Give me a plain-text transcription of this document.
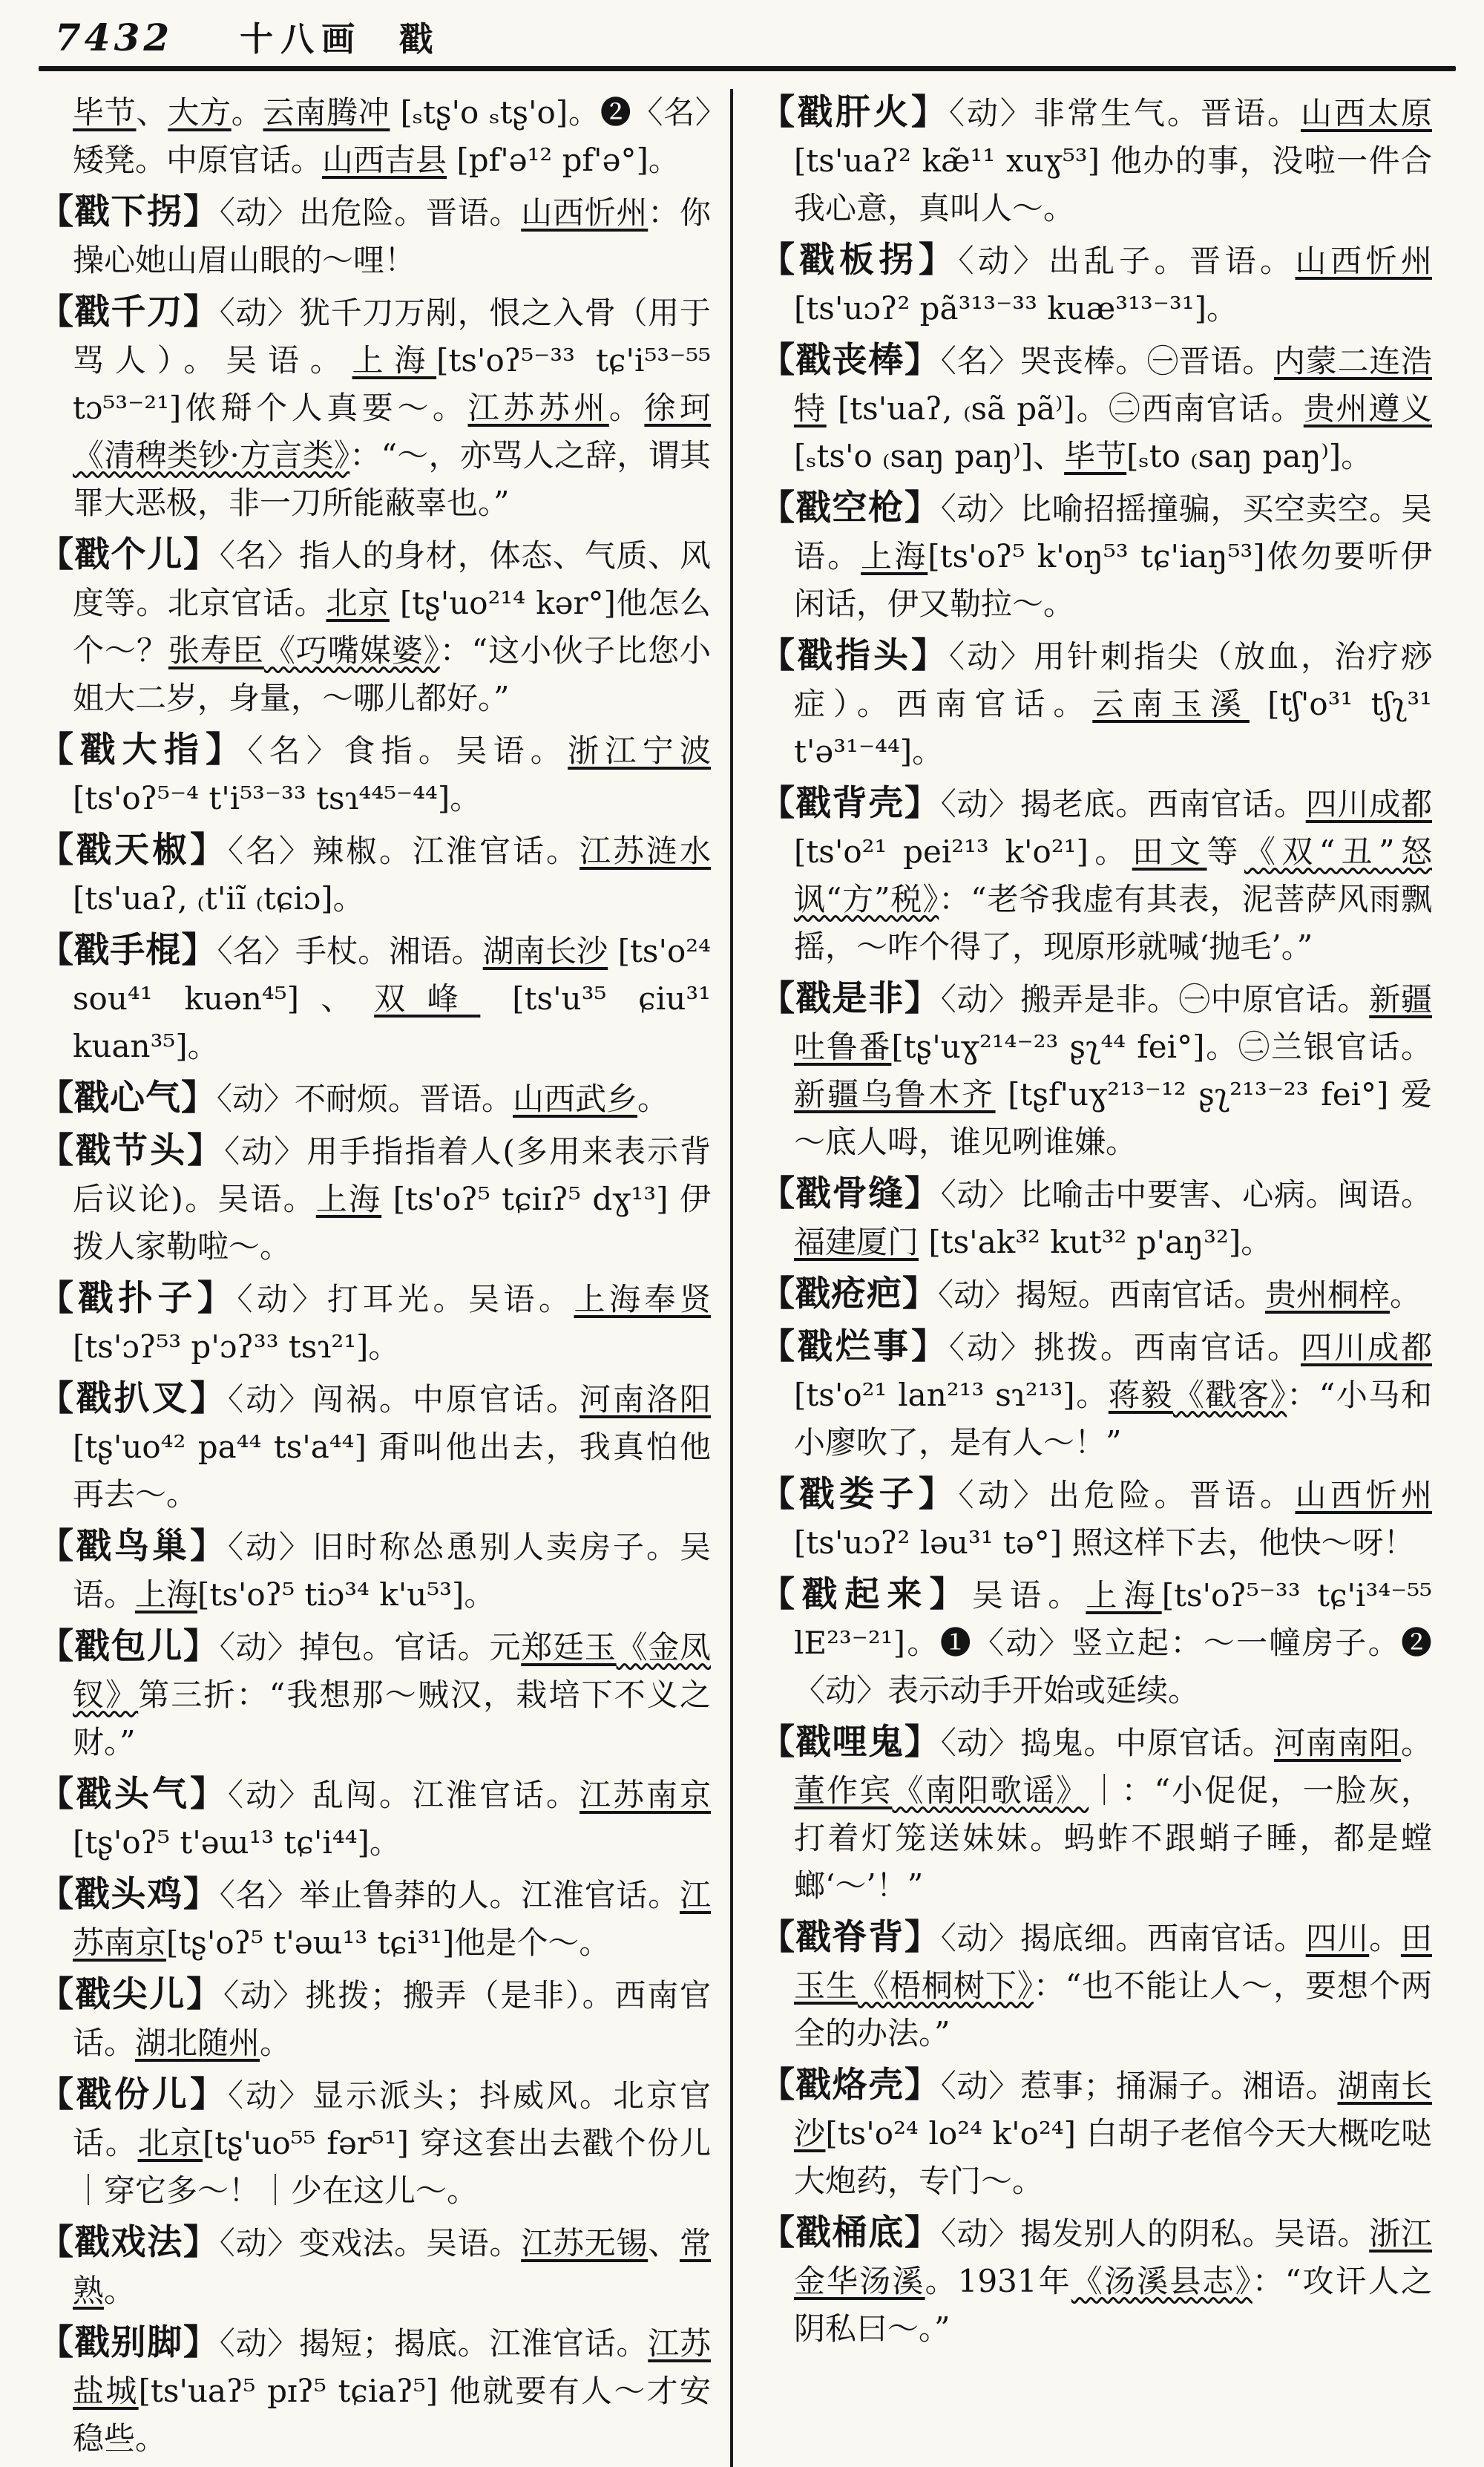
7432 十八画 戳
毕节、大方。云南腾冲 [ₛtʂ'o ₛtʂ'o]。❷〈名〉矮凳。中原官话。山西吉县 [pf'ə¹² pf'ə°]。
【戳下拐】〈动〉出危险。晋语。山西忻州：你操心她山眉山眼的～哩！
【戳千刀】〈动〉犹千刀万剐，恨之入骨（用于骂人）。吴语。上海[ts'oʔ⁵⁻³³ tɕ'i⁵³⁻⁵⁵ tɔ⁵³⁻²¹]侬搿个人真要～。江苏苏州。徐珂《清稗类钞·方言类》：“～，亦骂人之辞，谓其罪大恶极，非一刀所能蔽辜也。”
【戳个儿】〈名〉指人的身材，体态、气质、风度等。北京官话。北京 [tʂ'uo²¹⁴ kər°]他怎么个～？张寿臣《巧嘴媒婆》：“这小伙子比您小姐大二岁，身量，～哪儿都好。”
【戳大指】〈名〉食指。吴语。浙江宁波[ts'oʔ⁵⁻⁴ t'i⁵³⁻³³ tsɿ⁴⁴⁵⁻⁴⁴]。
【戳天椒】〈名〉辣椒。江淮官话。江苏涟水 [ts'uaʔ‚ ₍t'iĩ ₍tɕiɔ]。
【戳手棍】〈名〉手杖。湘语。湖南长沙 [ts'o²⁴ sou⁴¹ kuən⁴⁵]、双峰 [ts'u³⁵ ɕiu³¹ kuan³⁵]。
【戳心气】〈动〉不耐烦。晋语。山西武乡。
【戳节头】〈动〉用手指指着人(多用来表示背后议论)。吴语。上海 [ts'oʔ⁵ tɕiɪʔ⁵ dɣ¹³] 伊拨人家勒啦～。
【戳扑子】〈动〉打耳光。吴语。上海奉贤 [ts'ɔʔ⁵³ p'ɔʔ³³ tsɿ²¹]。
【戳扒叉】〈动〉闯祸。中原官话。河南洛阳 [tʂ'uo⁴² pa⁴⁴ ts'a⁴⁴] 甭叫他出去，我真怕他再去～。
【戳鸟巢】〈动〉旧时称怂恿别人卖房子。吴语。上海[ts'oʔ⁵ tiɔ³⁴ k'u⁵³]。
【戳包儿】〈动〉掉包。官话。元郑廷玉《金凤钗》第三折：“我想那～贼汉，栽培下不义之财。”
【戳头气】〈动〉乱闯。江淮官话。江苏南京 [tʂ'oʔ⁵ t'əɯ¹³ tɕ'i⁴⁴]。
【戳头鸡】〈名〉举止鲁莽的人。江淮官话。江苏南京[tʂ'oʔ⁵ t'əɯ¹³ tɕi³¹]他是个～。
【戳尖儿】〈动〉挑拨；搬弄（是非）。西南官话。湖北随州。
【戳份儿】〈动〉显示派头；抖威风。北京官话。北京[tʂ'uo⁵⁵ fər⁵¹] 穿这套出去戳个份儿｜穿它多～！｜少在这儿～。
【戳戏法】〈动〉变戏法。吴语。江苏无锡、常熟。
【戳别脚】〈动〉揭短；揭底。江淮官话。江苏盐城[ts'uaʔ⁵ pɪʔ⁵ tɕiaʔ⁵] 他就要有人～才安稳些。
【戳肝火】〈动〉非常生气。晋语。山西太原 [ts'uaʔ² kæ̃¹¹ xuɣ⁵³] 他办的事，没啦一件合我心意，真叫人～。
【戳板拐】〈动〉出乱子。晋语。山西忻州 [ts'uɔʔ² pã³¹³⁻³³ kuæ³¹³⁻³¹]。
【戳丧棒】〈名〉哭丧棒。㊀晋语。内蒙二连浩特 [ts'uaʔ‚ ₍sã pã⁾]。㊁西南官话。贵州遵义 [ₛts'o ₍saŋ paŋ⁾]、毕节[ₛto ₍saŋ paŋ⁾]。
【戳空枪】〈动〉比喻招摇撞骗，买空卖空。吴语。上海[ts'oʔ⁵ k'oŋ⁵³ tɕ'iaŋ⁵³]侬勿要听伊闲话，伊又勒拉～。
【戳指头】〈动〉用针刺指尖（放血，治疗痧症）。西南官话。云南玉溪 [tʃ'o³¹ tʃʅ³¹ t'ə³¹⁻⁴⁴]。
【戳背壳】〈动〉揭老底。西南官话。四川成都[ts'o²¹ pei²¹³ k'o²¹]。田文等《双“丑”怒讽“方”税》：“老爷我虚有其表，泥菩萨风雨飘摇，～咋个得了，现原形就喊‘抛毛’。”
【戳是非】〈动〉搬弄是非。㊀中原官话。新疆吐鲁番[tʂ'uɣ²¹⁴⁻²³ ʂʅ⁴⁴ fei°]。㊁兰银官话。新疆乌鲁木齐 [tʂf'uɣ²¹³⁻¹² ʂʅ²¹³⁻²³ fei°] 爱～底人呣，谁见咧谁嫌。
【戳骨缝】〈动〉比喻击中要害、心病。闽语。福建厦门 [ts'ak³² kut³² p'aŋ³²]。
【戳疮疤】〈动〉揭短。西南官话。贵州桐梓。
【戳烂事】〈动〉挑拨。西南官话。四川成都 [ts'o²¹ lan²¹³ sɿ²¹³]。蒋毅《戳客》：“小马和小廖吹了，是有人～！”
【戳娄子】〈动〉出危险。晋语。山西忻州[ts'uɔʔ² ləu³¹ tə°] 照这样下去，他快～呀！
【戳起来】吴语。上海[ts'oʔ⁵⁻³³ tɕ'i³⁴⁻⁵⁵ lE²³⁻²¹]。❶〈动〉竖立起：～一幢房子。❷〈动〉表示动手开始或延续。
【戳哩鬼】〈动〉捣鬼。中原官话。河南南阳。董作宾《南阳歌谣》｜：“小促促，一脸灰，打着灯笼送妹妹。蚂蚱不跟蛸子睡，都是螳螂‘～’！”
【戳脊背】〈动〉揭底细。西南官话。四川。田玉生《梧桐树下》：“也不能让人～，要想个两全的办法。”
【戳烙壳】〈动〉惹事；捅漏子。湘语。湖南长沙[ts'o²⁴ lo²⁴ k'o²⁴] 白胡子老倌今天大概吃哒大炮药，专门～。
【戳桶底】〈动〉揭发别人的阴私。吴语。浙江金华汤溪。1931年《汤溪县志》：“攻讦人之阴私曰～。”
